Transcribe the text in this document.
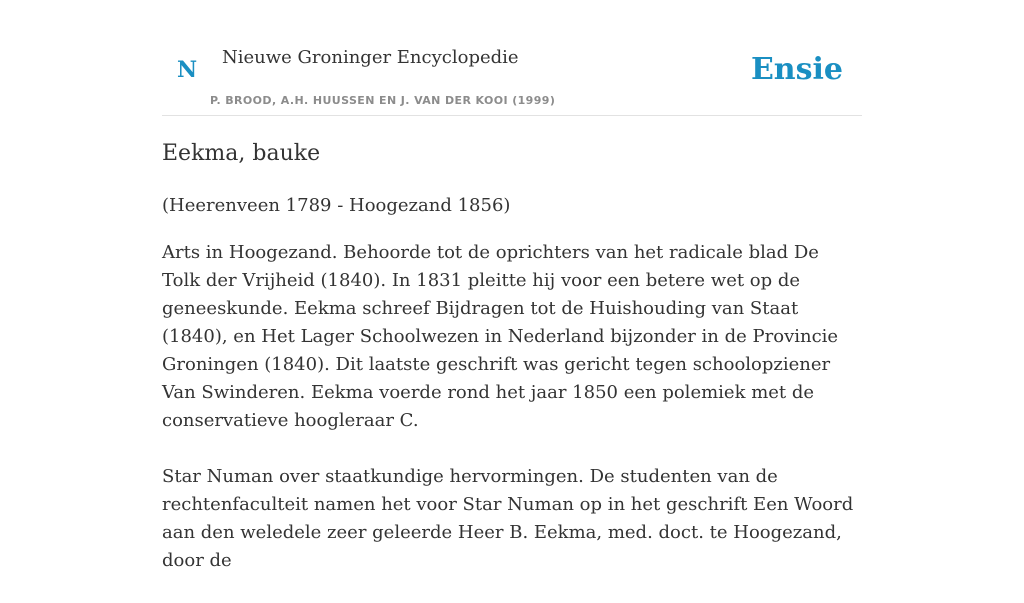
N Nieuwe Groninger Encyclopedie
P. BROOD, A.H. HUUSSEN EN J. VAN DER KOOI (1999)
Ensie
Eekma, bauke

(Heerenveen 1789 - Hoogezand 1856)

Arts in Hoogezand. Behoorde tot de oprichters van het radicale blad De Tolk der Vrijheid (1840). In 1831 pleitte hij voor een betere wet op de geneeskunde. Eekma schreef Bijdragen tot de Huishouding van Staat (1840), en Het Lager Schoolwezen in Nederland bijzonder in de Provincie Groningen (1840). Dit laatste geschrift was gericht tegen schoolopziener Van Swinderen. Eekma voerde rond het jaar 1850 een polemiek met de conservatieve hoogleraar C.

Star Numan over staatkundige hervormingen. De studenten van de rechtenfaculteit namen het voor Star Numan op in het geschrift Een Woord aan den weledele zeer geleerde Heer B. Eekma, med. doct. te Hoogezand, door de
